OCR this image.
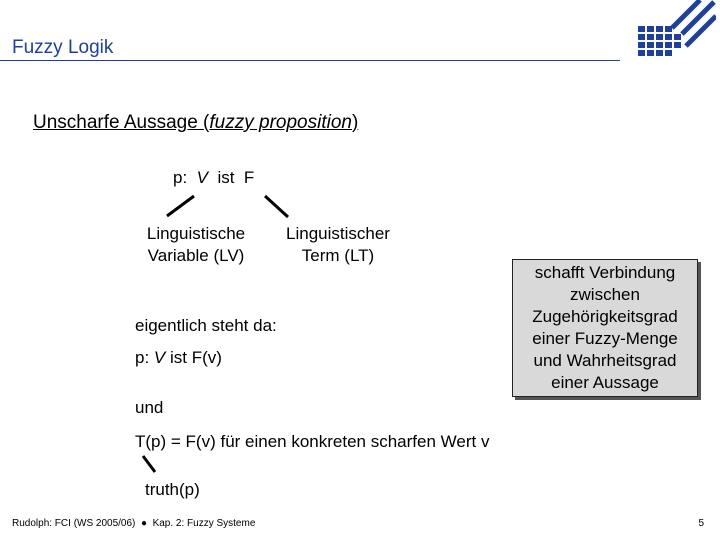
Fuzzy Logik
Unscharfe Aussage (fuzzy proposition)
p: V ist F
Linguistische
Variable (LV)
Linguistischer
Term (LT)
schafft Verbindung
zwischen
Zugehörigkeitsgrad
einer Fuzzy-Menge
und Wahrheitsgrad
einer Aussage
eigentlich steht da:
p: V ist F(v)
und
T(p) = F(v) für einen konkreten scharfen Wert v
truth(p)
Rudolph: FCI (WS 2005/06) ● Kap. 2: Fuzzy Systeme	5
